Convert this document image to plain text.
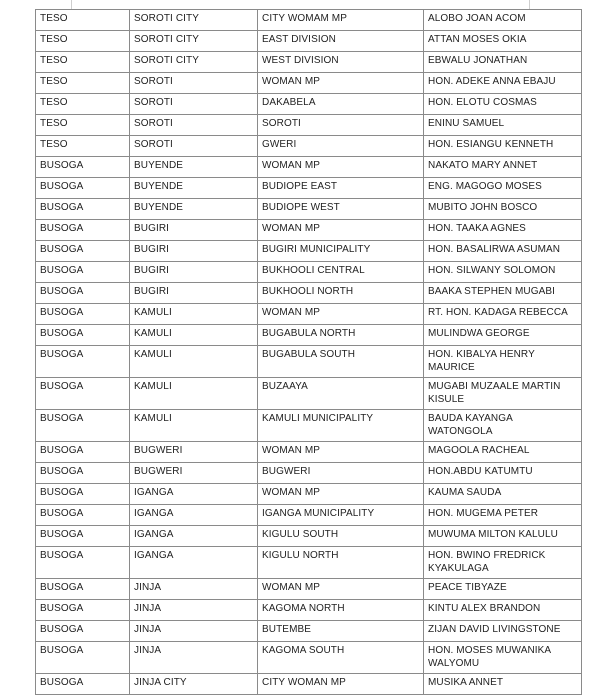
TESO	SOROTI CITY	CITY WOMAM MP	ALOBO JOAN ACOM
TESO	SOROTI CITY	EAST DIVISION	ATTAN MOSES OKIA
TESO	SOROTI CITY	WEST DIVISION	EBWALU JONATHAN
TESO	SOROTI	WOMAN MP	HON. ADEKE ANNA EBAJU
TESO	SOROTI	DAKABELA	HON. ELOTU COSMAS
TESO	SOROTI	SOROTI	ENINU SAMUEL
TESO	SOROTI	GWERI	HON. ESIANGU KENNETH
BUSOGA	BUYENDE	WOMAN MP	NAKATO MARY ANNET
BUSOGA	BUYENDE	BUDIOPE EAST	ENG. MAGOGO MOSES
BUSOGA	BUYENDE	BUDIOPE WEST	MUBITO JOHN BOSCO
BUSOGA	BUGIRI	WOMAN MP	HON. TAAKA AGNES
BUSOGA	BUGIRI	BUGIRI MUNICIPALITY	HON. BASALIRWA ASUMAN
BUSOGA	BUGIRI	BUKHOOLI CENTRAL	HON. SILWANY SOLOMON
BUSOGA	BUGIRI	BUKHOOLI NORTH	BAAKA STEPHEN MUGABI
BUSOGA	KAMULI	WOMAN MP	RT. HON. KADAGA REBECCA
BUSOGA	KAMULI	BUGABULA NORTH	MULINDWA GEORGE
BUSOGA	KAMULI	BUGABULA SOUTH	HON. KIBALYA HENRY MAURICE
BUSOGA	KAMULI	BUZAAYA	MUGABI MUZAALE MARTIN KISULE
BUSOGA	KAMULI	KAMULI MUNICIPALITY	BAUDA KAYANGA WATONGOLA
BUSOGA	BUGWERI	WOMAN MP	MAGOOLA RACHEAL
BUSOGA	BUGWERI	BUGWERI	HON.ABDU KATUMTU
BUSOGA	IGANGA	WOMAN MP	KAUMA SAUDA
BUSOGA	IGANGA	IGANGA MUNICIPALITY	HON. MUGEMA PETER
BUSOGA	IGANGA	KIGULU SOUTH	MUWUMA MILTON KALULU
BUSOGA	IGANGA	KIGULU NORTH	HON. BWINO FREDRICK KYAKULAGA
BUSOGA	JINJA	WOMAN MP	PEACE TIBYAZE
BUSOGA	JINJA	KAGOMA NORTH	KINTU ALEX BRANDON
BUSOGA	JINJA	BUTEMBE	ZIJAN DAVID LIVINGSTONE
BUSOGA	JINJA	KAGOMA SOUTH	HON. MOSES MUWANIKA WALYOMU
BUSOGA	JINJA CITY	CITY WOMAN MP	MUSIKA ANNET
